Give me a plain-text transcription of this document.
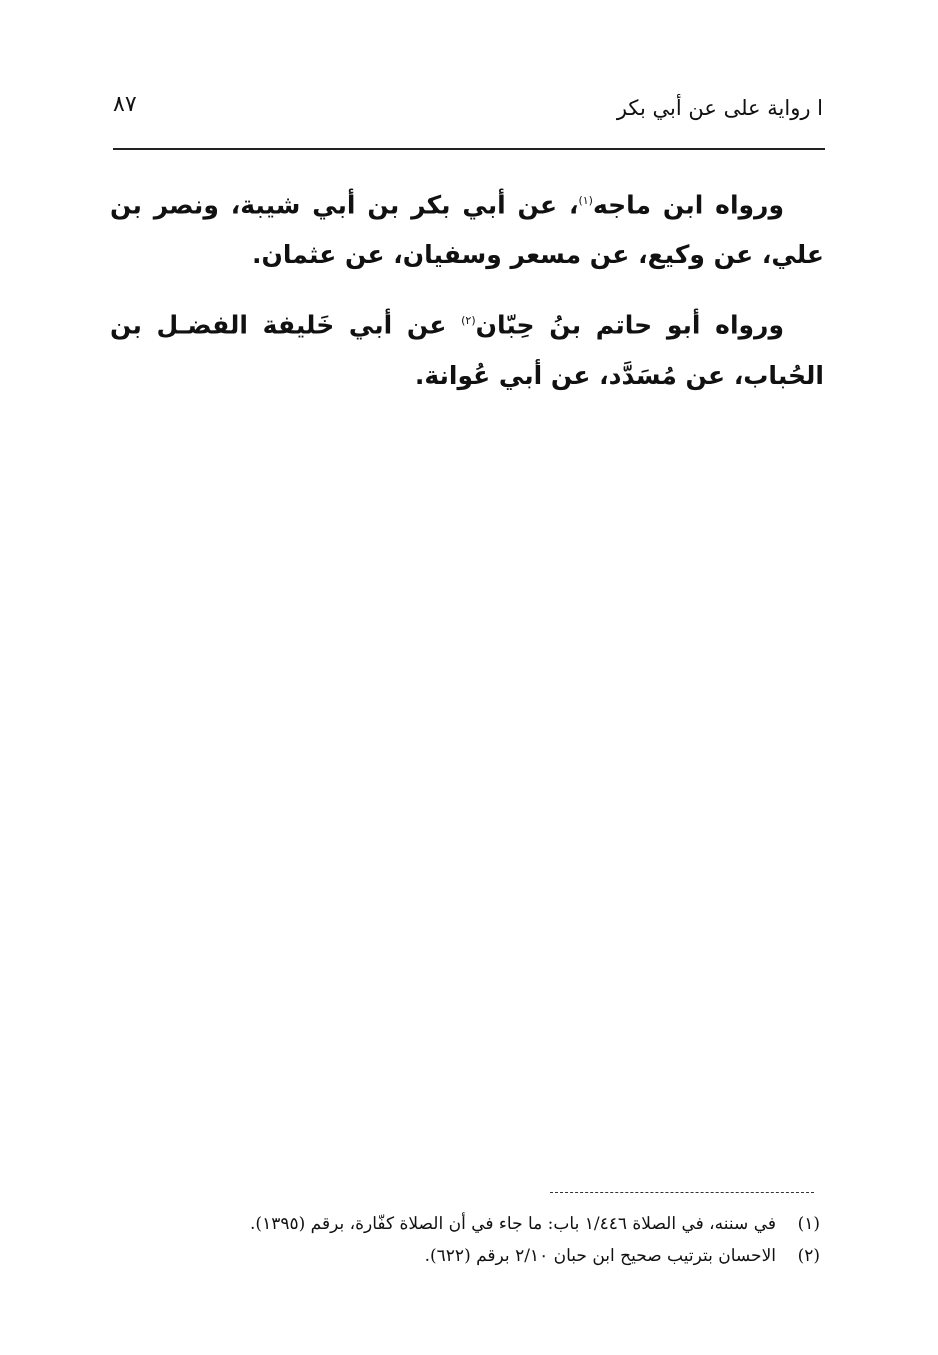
ا رواية على عن أبي بكر
٨٧

ورواه ابن ماجه$^{(١)}$، عن أبي بكر بن أبي شيبة، ونصر بن علي، عن وكيع، عن مسعر وسفيان، عن عثمان.

ورواه أبو حاتم بنُ حِبّان$^{(٢)}$ عن أبي خَليفة الفضـل بن الحُباب، عن مُسَدَّد، عن أبي عُوانة.

(١)في سننه، في الصلاة ١/٤٤٦ باب: ما جاء في أن الصلاة كفّارة، برقم (١٣٩٥).
(٢)الاحسان بترتيب صحيح ابن حبان ٢/١٠ برقم (٦٢٢).
